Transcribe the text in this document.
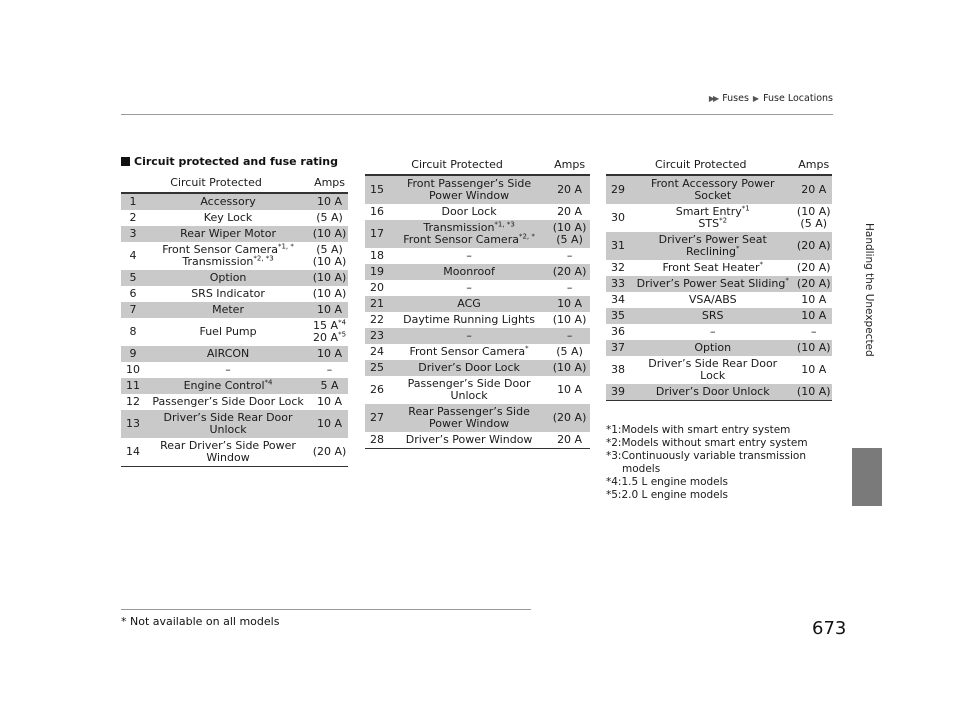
▶▶ Fuses ▶ Fuse Locations
Handling the Unexpected
Circuit protected and fuse rating
Circuit Protected		Amps
1	Accessory	10 A
2	Key Lock	(5 A)
3	Rear Wiper Motor	(10 A)
4	Front Sensor Camera$^{*1, *}$
Transmission$^{*2, *3}$	(5 A)
(10 A)
5	Option	(10 A)
6	SRS Indicator	(10 A)
7	Meter	10 A
8	Fuel Pump	15 $A^{*4}$
20 $A^{*5}$
9	AIRCON	10 A
10	–	–
11	Engine Control$^{*4}$	5 A
12	Passenger’s Side Door Lock	10 A
13	Driver’s Side Rear Door
Unlock	10 A
14	Rear Driver’s Side Power
Window	(20 A)
Circuit Protected		Amps
15	Front Passenger’s Side
Power Window	20 A
16	Door Lock	20 A
17	Transmission$^{*1, *3}$
Front Sensor Camera$^{*2, *}$	(10 A)
(5 A)
18	–	–
19	Moonroof	(20 A)
20	–	–
21	ACG	10 A
22	Daytime Running Lights	(10 A)
23	–	–
24	Front Sensor Camera*	(5 A)
25	Driver’s Door Lock	(10 A)
26	Passenger’s Side Door
Unlock	10 A
27	Rear Passenger’s Side
Power Window	(20 A)
28	Driver’s Power Window	20 A
Circuit Protected		Amps
29	Front Accessory Power
Socket	20 A
30	Smart Entry$^{*1}$
STS$^{*2}$	(10 A)
(5 A)
31	Driver’s Power Seat
Reclining*	(20 A)
32	Front Seat Heater*	(20 A)
33	Driver’s Power Seat Sliding*	(20 A)
34	VSA/ABS	10 A
35	SRS	10 A
36	–	–
37	Option	(10 A)
38	Driver’s Side Rear Door
Lock	10 A
39	Driver’s Door Unlock	(10 A)
*1:Models with smart entry system
*2:Models without smart entry system
*3:Continuously variable transmission models
*4:1.5 L engine models
*5:2.0 L engine models
* Not available on all models	673
